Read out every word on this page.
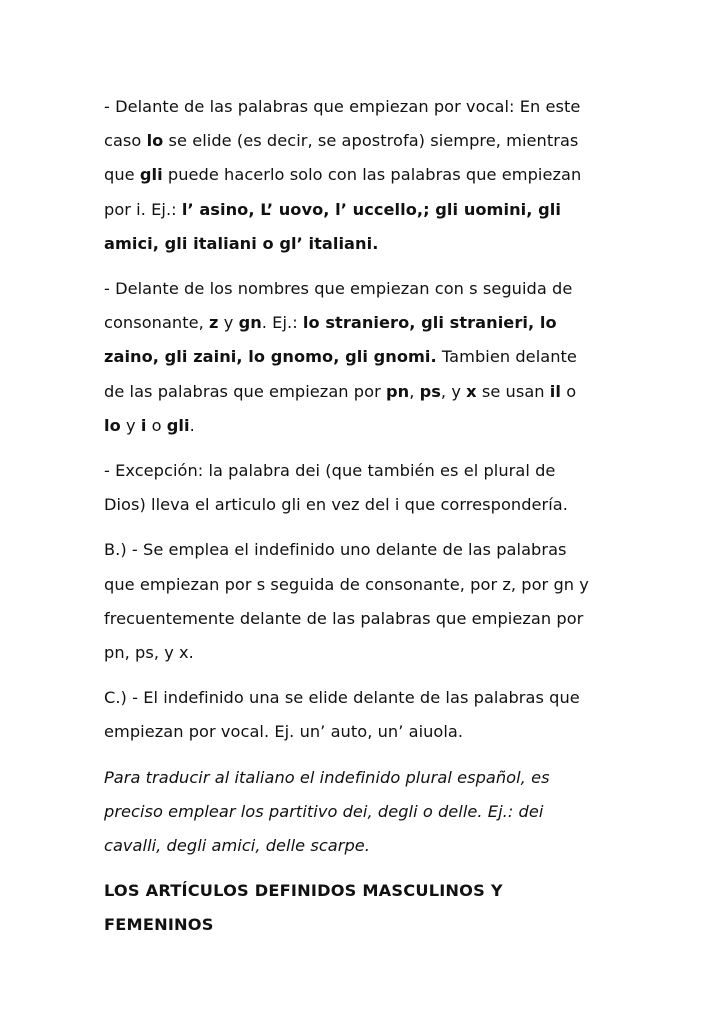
- Delante de las palabras que empiezan por vocal: En este
caso lo se elide (es decir, se apostrofa) siempre, mientras
que gli puede hacerlo solo con las palabras que empiezan
por i. Ej.: l’ asino, L’ uovo, l’ uccello,; gli uomini, gli
amici, gli italiani o gl’ italiani.

- Delante de los nombres que empiezan con s seguida de
consonante, z y gn. Ej.: lo straniero, gli stranieri, lo
zaino, gli zaini, lo gnomo, gli gnomi. Tambien delante
de las palabras que empiezan por pn, ps, y x se usan il o
lo y i o gli.

- Excepción: la palabra dei (que también es el plural de
Dios) lleva el articulo gli en vez del i que correspondería.

B.) - Se emplea el indefinido uno delante de las palabras
que empiezan por s seguida de consonante, por z, por gn y
frecuentemente delante de las palabras que empiezan por
pn, ps, y x.

C.) - El indefinido una se elide delante de las palabras que
empiezan por vocal. Ej. un’ auto, un’ aiuola.

Para traducir al italiano el indefinido plural español, es
preciso emplear los partitivo dei, degli o delle. Ej.: dei
cavalli, degli amici, delle scarpe.

LOS ARTÍCULOS DEFINIDOS MASCULINOS Y
FEMENINOS
